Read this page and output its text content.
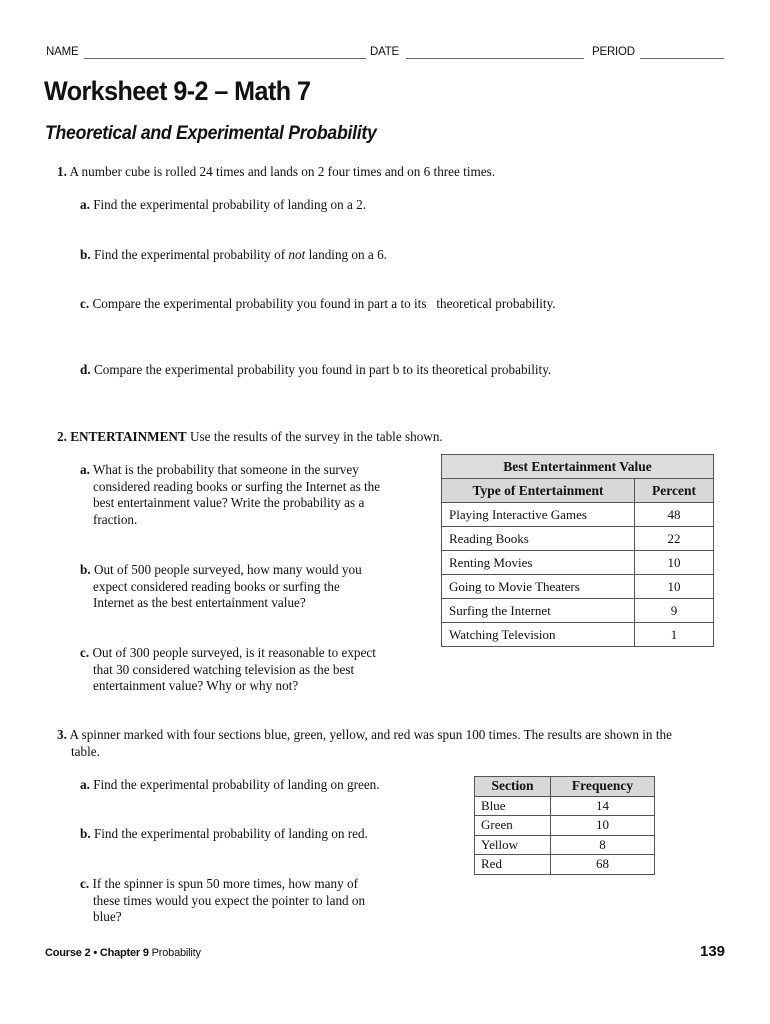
NAME	DATE	PERIOD
Worksheet 9-2 – Math 7
Theoretical and Experimental Probability
1. A number cube is rolled 24 times and lands on 2 four times and on 6 three times.
a. Find the experimental probability of landing on a 2.
b. Find the experimental probability of not landing on a 6.
c. Compare the experimental probability you found in part a to its   theoretical probability.
d. Compare the experimental probability you found in part b to its theoretical probability.
2. ENTERTAINMENT Use the results of the survey in the table shown.
a. What is the probability that someone in the survey
considered reading books or surfing the Internet as the
best entertainment value? Write the probability as a
fraction.
b. Out of 500 people surveyed, how many would you
expect considered reading books or surfing the
Internet as the best entertainment value?
c. Out of 300 people surveyed, is it reasonable to expect
that 30 considered watching television as the best
entertainment value? Why or why not?
Best Entertainment Value	
Type of Entertainment	Percent
Playing Interactive Games	48
Reading Books	22
Renting Movies	10
Going to Movie Theaters	10
Surfing the Internet	9
Watching Television	1
3. A spinner marked with four sections blue, green, yellow, and red was spun 100 times. The results are shown in the
table.
a. Find the experimental probability of landing on green.
b. Find the experimental probability of landing on red.
c. If the spinner is spun 50 more times, how many of
these times would you expect the pointer to land on
blue?
Section	Frequency
Blue	14
Green	10
Yellow	8
Red	68
Course 2 • Chapter 9 Probability	139
